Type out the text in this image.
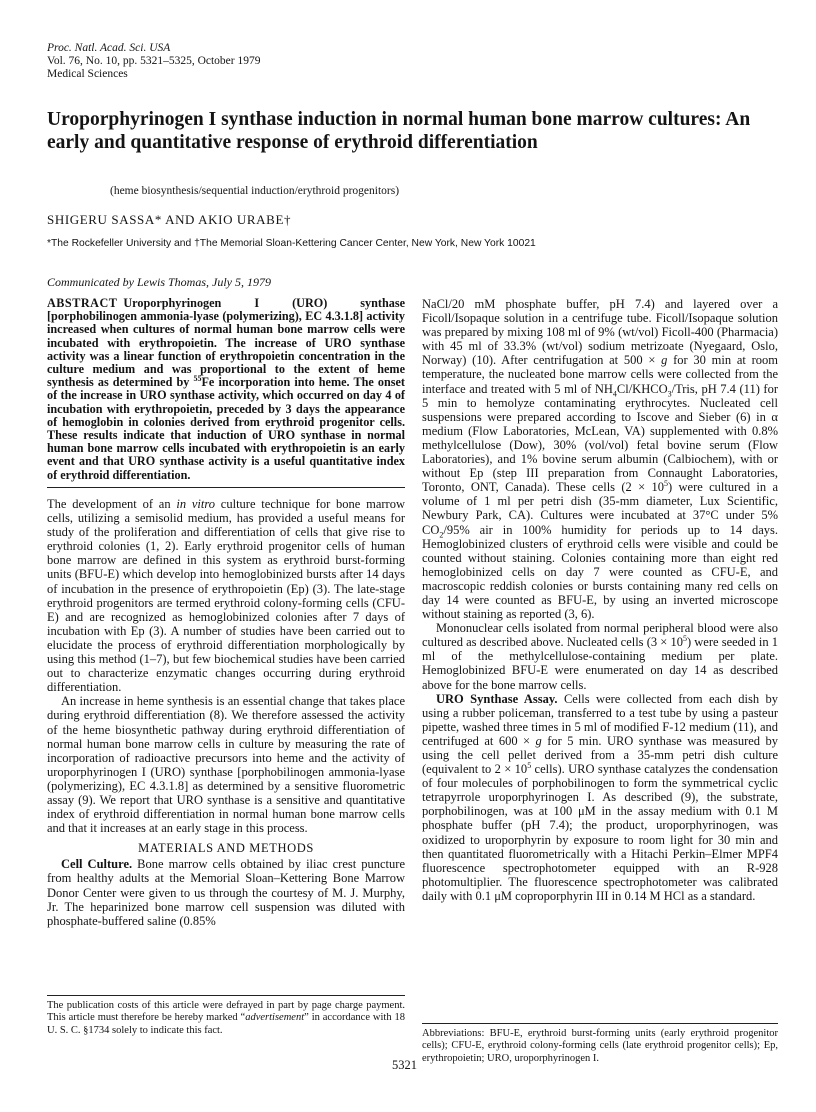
Proc. Natl. Acad. Sci. USA
Vol. 76, No. 10, pp. 5321–5325, October 1979
Medical Sciences
Uroporphyrinogen I synthase induction in normal human bone marrow cultures: An early and quantitative response of erythroid differentiation
(heme biosynthesis/sequential induction/erythroid progenitors)
SHIGERU SASSA* AND AKIO URABE†
*The Rockefeller University and †The Memorial Sloan-Kettering Cancer Center, New York, New York 10021
Communicated by Lewis Thomas, July 5, 1979
ABSTRACT Uroporphyrinogen I (URO) synthase [porphobilinogen ammonia-lyase (polymerizing), EC 4.3.1.8] activity increased when cultures of normal human bone marrow cells were incubated with erythropoietin. The increase of URO synthase activity was a linear function of erythropoietin concentration in the culture medium and was proportional to the extent of heme synthesis as determined by $^{55}$Fe incorporation into heme. The onset of the increase in URO synthase activity, which occurred on day 4 of incubation with erythropoietin, preceded by 3 days the appearance of hemoglobin in colonies derived from erythroid progenitor cells. These results indicate that induction of URO synthase in normal human bone marrow cells incubated with erythropoietin is an early event and that URO synthase activity is a useful quantitative index of erythroid differentiation.

The development of an in vitro culture technique for bone marrow cells, utilizing a semisolid medium, has provided a useful means for study of the proliferation and differentiation of cells that give rise to erythroid colonies (1, 2). Early erythroid progenitor cells of human bone marrow are defined in this system as erythroid burst-forming units (BFU-E) which develop into hemoglobinized bursts after 14 days of incubation in the presence of erythropoietin (Ep) (3). The late-stage erythroid progenitors are termed erythroid colony-forming cells (CFU-E) and are recognized as hemoglobinized colonies after 7 days of incubation with Ep (3). A number of studies have been carried out to elucidate the process of erythroid differentiation morphologically by using this method (1–7), but few biochemical studies have been carried out to characterize enzymatic changes occurring during erythroid differentiation.

An increase in heme synthesis is an essential change that takes place during erythroid differentiation (8). We therefore assessed the activity of the heme biosynthetic pathway during erythroid differentiation of normal human bone marrow cells in culture by measuring the rate of incorporation of radioactive precursors into heme and the activity of uroporphyrinogen I (URO) synthase [porphobilinogen ammonia-lyase (polymerizing), EC 4.3.1.8] as determined by a sensitive fluorometric assay (9). We report that URO synthase is a sensitive and quantitative index of erythroid differentiation in normal human bone marrow cells and that it increases at an early stage in this process.

MATERIALS AND METHODS

Cell Culture. Bone marrow cells obtained by iliac crest puncture from healthy adults at the Memorial Sloan–Kettering Bone Marrow Donor Center were given to us through the courtesy of M. J. Murphy, Jr. The heparinized bone marrow cell suspension was diluted with phosphate-buffered saline (0.85%

NaCl/20 mM phosphate buffer, pH 7.4) and layered over a Ficoll/Isopaque solution in a centrifuge tube. Ficoll/Isopaque solution was prepared by mixing 108 ml of 9% (wt/vol) Ficoll-400 (Pharmacia) with 45 ml of 33.3% (wt/vol) sodium metrizoate (Nyegaard, Oslo, Norway) (10). After centrifugation at 500 × g for 30 min at room temperature, the nucleated bone marrow cells were collected from the interface and treated with 5 ml of $NH_4Cl/KHCO_3$/Tris, pH 7.4 (11) for 5 min to hemolyze contaminating erythrocytes. Nucleated cell suspensions were prepared according to Iscove and Sieber (6) in α medium (Flow Laboratories, McLean, VA) supplemented with 0.8% methylcellulose (Dow), 30% (vol/vol) fetal bovine serum (Flow Laboratories), and 1% bovine serum albumin (Calbiochem), with or without Ep (step III preparation from Connaught Laboratories, Toronto, ONT, Canada). These cells $(2 \times 10^5)$ were cultured in a volume of 1 ml per petri dish (35-mm diameter, Lux Scientific, Newbury Park, CA). Cultures were incubated at 37°C under 5% $CO_2/95\%$ air in 100% humidity for periods up to 14 days. Hemoglobinized clusters of erythroid cells were visible and could be counted without staining. Colonies containing more than eight red hemoglobinized cells on day 7 were counted as CFU-E, and macroscopic reddish colonies or bursts containing many red cells on day 14 were counted as BFU-E, by using an inverted microscope without staining as reported (3, 6).

Mononuclear cells isolated from normal peripheral blood were also cultured as described above. Nucleated cells $(3 \times 10^5)$ were seeded in 1 ml of the methylcellulose-containing medium per plate. Hemoglobinized BFU-E were enumerated on day 14 as described above for the bone marrow cells.

URO Synthase Assay. Cells were collected from each dish by using a rubber policeman, transferred to a test tube by using a pasteur pipette, washed three times in 5 ml of modified F-12 medium (11), and centrifuged at 600 × g for 5 min. URO synthase was measured by using the cell pellet derived from a 35-mm petri dish culture (equivalent to $2 \times 10^5$ cells). URO synthase catalyzes the condensation of four molecules of porphobilinogen to form the symmetrical cyclic tetrapyrrole uroporphyrinogen I. As described (9), the substrate, porphobilinogen, was at 100 μM in the assay medium with 0.1 M phosphate buffer (pH 7.4); the product, uroporphyrinogen, was oxidized to uroporphyrin by exposure to room light for 30 min and then quantitated fluorometrically with a Hitachi Perkin–Elmer MPF4 fluorescence spectrophotometer equipped with an R-928 photomultiplier. The fluorescence spectrophotometer was calibrated daily with 0.1 μM coproporphyrin III in 0.14 M HCl as a standard.

The publication costs of this article were defrayed in part by page charge payment. This article must therefore be hereby marked “advertisement” in accordance with 18 U. S. C. §1734 solely to indicate this fact.	Abbreviations: BFU-E, erythroid burst-forming units (early erythroid progenitor cells); CFU-E, erythroid colony-forming cells (late erythroid progenitor cells); Ep, erythropoietin; URO, uroporphyrinogen I.
5321
